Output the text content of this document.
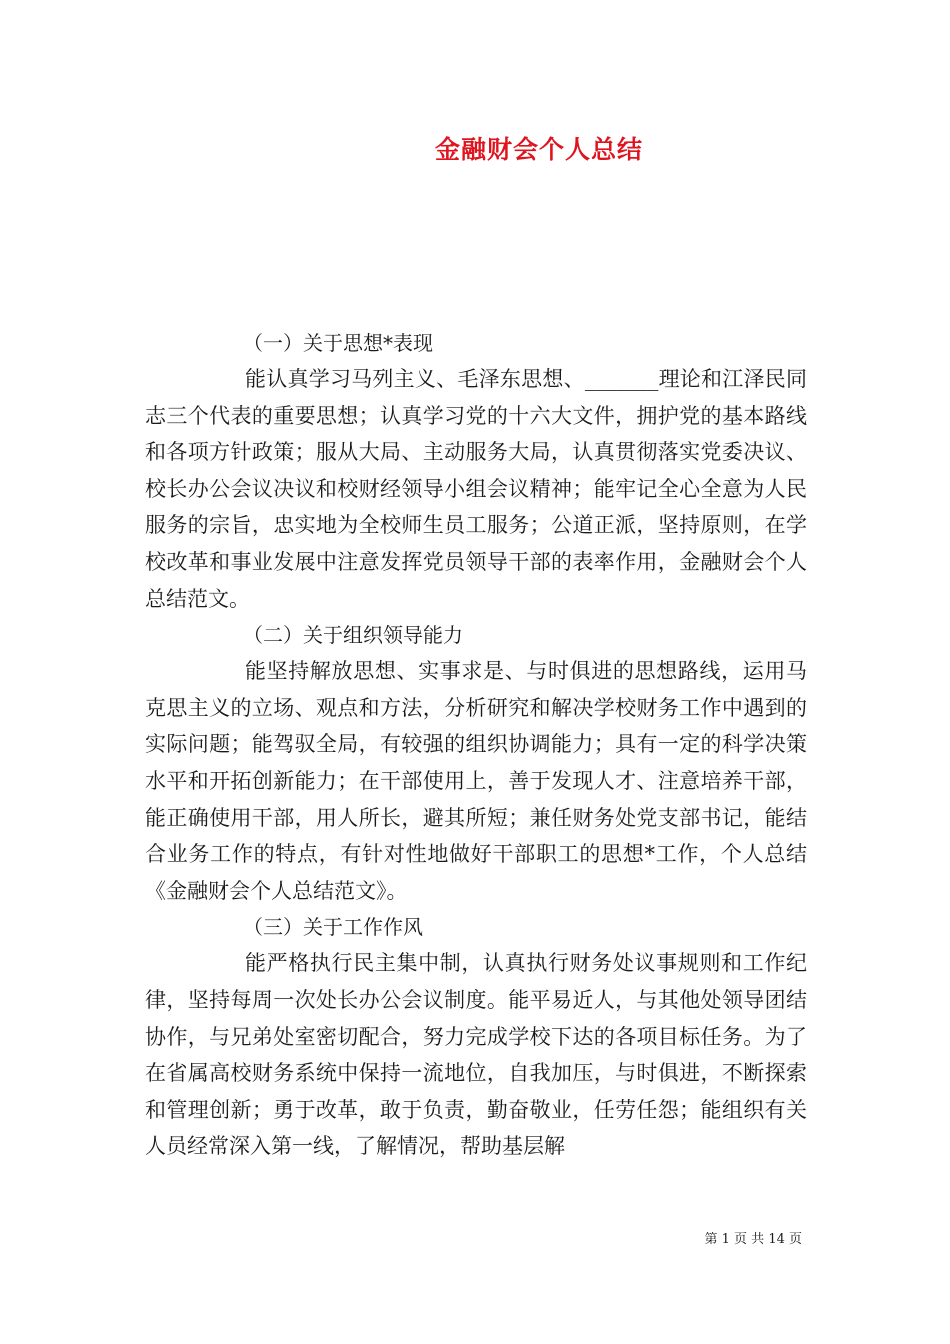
金融财会个人总结
（一）关于思想*表现

能认真学习马列主义、毛泽东思想、_______理论和江泽民同志三个代表的重要思想；认真学习党的十六大文件，拥护党的基本路线和各项方针政策；服从大局、主动服务大局，认真贯彻落实党委决议、校长办公会议决议和校财经领导小组会议精神；能牢记全心全意为人民服务的宗旨，忠实地为全校师生员工服务；公道正派，坚持原则，在学校改革和事业发展中注意发挥党员领导干部的表率作用，金融财会个人总结范文。

（二）关于组织领导能力

能坚持解放思想、实事求是、与时俱进的思想路线，运用马克思主义的立场、观点和方法，分析研究和解决学校财务工作中遇到的实际问题；能驾驭全局，有较强的组织协调能力；具有一定的科学决策水平和开拓创新能力；在干部使用上，善于发现人才、注意培养干部，能正确使用干部，用人所长，避其所短；兼任财务处党支部书记，能结合业务工作的特点，有针对性地做好干部职工的思想*工作，个人总结《金融财会个人总结范文》。

（三）关于工作作风

能严格执行民主集中制，认真执行财务处议事规则和工作纪律，坚持每周一次处长办公会议制度。能平易近人，与其他处领导团结协作，与兄弟处室密切配合，努力完成学校下达的各项目标任务。为了在省属高校财务系统中保持一流地位，自我加压，与时俱进，不断探索和管理创新；勇于改革，敢于负责，勤奋敬业，任劳任怨；能组织有关人员经常深入第一线，了解情况，帮助基层解

第 1 页 共 14 页
